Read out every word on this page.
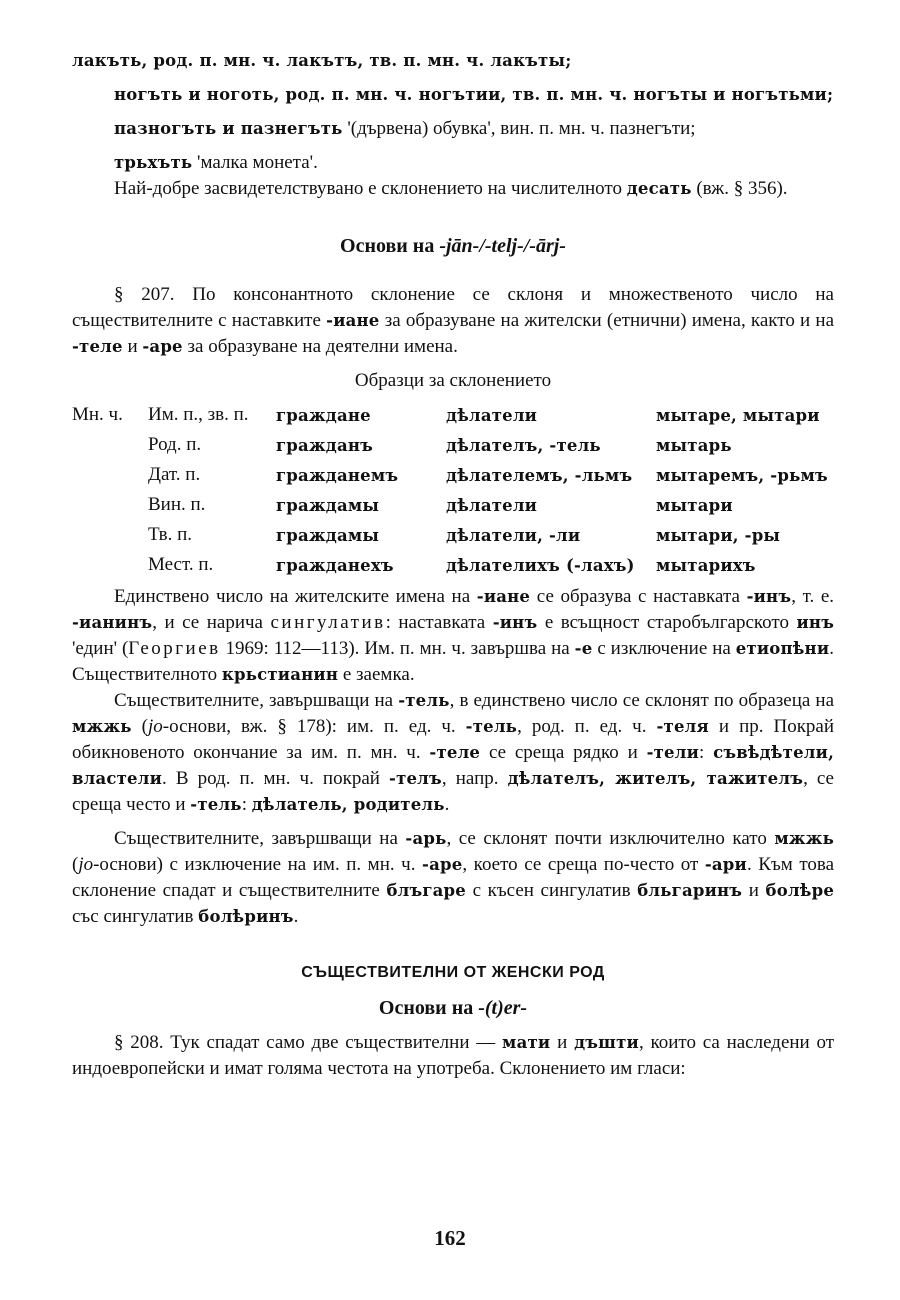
лакъть, род. п. мн. ч. лакътъ, тв. п. мн. ч. лакъты;

ногъть и ноготь, род. п. мн. ч. ногътии, тв. п. мн. ч. ногъты и ногътьми;

пазногъть и пазнегъть '(дървена) обувка', вин. п. мн. ч. пазнегъти;

трьхъть 'малка монета'.

Най-добре засвидетелствувано е склонението на числителното десать (вж. § 356).

Основи на -jān-/-telj-/-ārj-

§ 207. По консонантното склонение се склоня и множественото число на съществителните с наставките -иане за образуване на жителски (етнични) имена, както и на -теле и -аре за образуване на деятелни имена.

Образци за склонението

Мн. ч.	Им. п., зв. п.	граждане	дѣлатели	мытаре, мытари
	Род. п.	гражданъ	дѣлателъ, -тель	мытарь
	Дат. п.	гражданемъ	дѣлателемъ, -льмъ	мытаремъ, -рьмъ
	Вин. п.	граждамы	дѣлатели	мытари
	Тв. п.	граждамы	дѣлатели, -ли	мытари, -ры
	Мест. п.	гражданехъ	дѣлателихъ (-лахъ)	мытарихъ

Единствено число на жителските имена на -иане се образува с наставката -инъ, т. е. -ианинъ, и се нарича сингулатив: наставката -инъ е всъщност старобългарското инъ 'един' (Георгиев 1969: 112—113). Им. п. мн. ч. завършва на -е с изключение на етиопѣни. Съществителното крьстианин е заемка.

Съществителните, завършващи на -тель, в единствено число се склонят по образеца на мжжь (jo-основи, вж. § 178): им. п. ед. ч. -тель, род. п. ед. ч. -теля и пр. Покрай обикновеното окончание за им. п. мн. ч. -теле се среща рядко и -тели: съвѣдѣтели, властели. В род. п. мн. ч. покрай -телъ, напр. дѣлателъ, жителъ, тажителъ, се среща често и -тель: дѣлатель, родитель.

Съществителните, завършващи на -арь, се склонят почти изключително като мжжь (jo-основи) с изключение на им. п. мн. ч. -аре, което се среща по-често от -ари. Към това склонение спадат и съществителните блъгаре с късен сингулатив бльгаринъ и болѣре със сингулатив болѣринъ.

СЪЩЕСТВИТЕЛНИ ОТ ЖЕНСКИ РОД

Основи на -(t)er-

§ 208. Тук спадат само две съществителни — мати и дъшти, които са наследени от индоевропейски и имат голяма честота на употреба. Склонението им гласи:

162
